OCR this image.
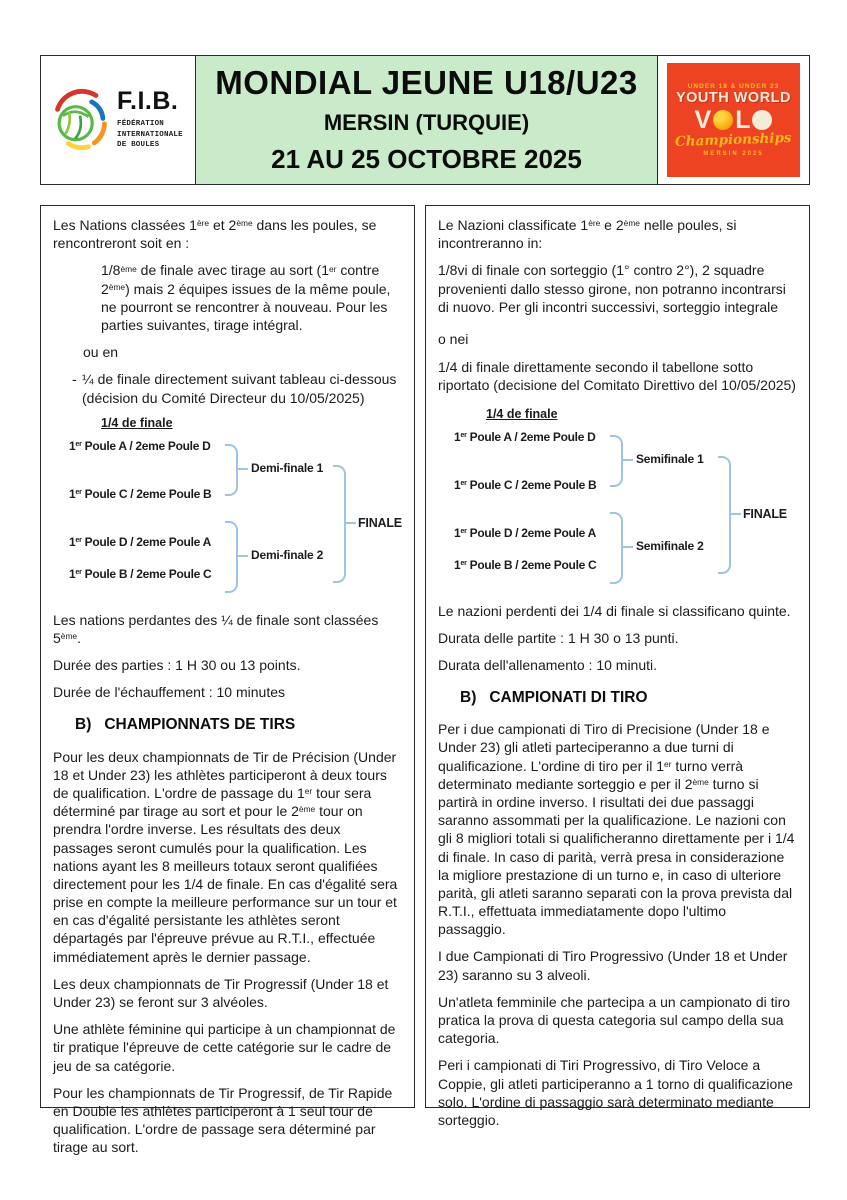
F.I.B.
FÉDÉRATION
INTERNATIONALE
DE BOULES
MONDIAL JEUNE U18/U23
MERSIN (TURQUIE)
21 AU 25 OCTOBRE 2025
UNDER 18 & UNDER 23
YOUTH WORLD
V L
Championships
MERSIN 2025

Les Nations classées 1ère et 2ème dans les poules, se rencontreront soit en :

1/8ème de finale avec tirage au sort (1er contre 2ème) mais 2 équipes issues de la même poule, ne pourront se rencontrer à nouveau. Pour les parties suivantes, tirage intégral.

ou en

- ¼ de finale directement suivant tableau ci-dessous (décision du Comité Directeur du 10/05/2025)
1/4 de finale
1er Poule A / 2eme Poule D
1er Poule C / 2eme Poule B
1er Poule D / 2eme Poule A
1er Poule B / 2eme Poule C
Demi-finale 1
Demi-finale 2
FINALE

Les nations perdantes des ¼ de finale sont classées 5ème.

Durée des parties : 1 H 30 ou 13 points.

Durée de l'échauffement : 10 minutes

B) CHAMPIONNATS DE TIRS

Pour les deux championnats de Tir de Précision (Under 18 et Under 23) les athlètes participeront à deux tours de qualification. L'ordre de passage du 1er tour sera déterminé par tirage au sort et pour le 2ème tour on prendra l'ordre inverse. Les résultats des deux passages seront cumulés pour la qualification. Les nations ayant les 8 meilleurs totaux seront qualifiées directement pour les 1/4 de finale. En cas d'égalité sera prise en compte la meilleure performance sur un tour et en cas d'égalité persistante les athlètes seront départagés par l'épreuve prévue au R.T.I., effectuée immédiatement après le dernier passage.

Les deux championnats de Tir Progressif (Under 18 et Under 23) se feront sur 3 alvéoles.

Une athlète féminine qui participe à un championnat de tir pratique l'épreuve de cette catégorie sur le cadre de jeu de sa catégorie.

Pour les championnats de Tir Progressif, de Tir Rapide en Double les athlètes participeront à 1 seul tour de qualification. L'ordre de passage sera déterminé par tirage au sort.

Le Nazioni classificate 1ère e 2ème nelle poules, si incontreranno in:

1/8vi di finale con sorteggio (1° contro 2°), 2 squadre provenienti dallo stesso girone, non potranno incontrarsi di nuovo. Per gli incontri successivi, sorteggio integrale

o nei

1/4 di finale direttamente secondo il tabellone sotto riportato (decisione del Comitato Direttivo del 10/05/2025)

1/4 de finale
1er Poule A / 2eme Poule D
1er Poule C / 2eme Poule B
1er Poule D / 2eme Poule A
1er Poule B / 2eme Poule C
Semifinale 1
Semifinale 2
FINALE

Le nazioni perdenti dei 1/4 di finale si classificano quinte.

Durata delle partite : 1 H 30 o 13 punti.

Durata dell'allenamento : 10 minuti.

B) CAMPIONATI DI TIRO

Per i due campionati di Tiro di Precisione (Under 18 e Under 23) gli atleti parteciperanno a due turni di qualificazione. L'ordine di tiro per il 1er turno verrà determinato mediante sorteggio e per il 2ème turno si partirà in ordine inverso. I risultati dei due passaggi saranno assommati per la qualificazione. Le nazioni con gli 8 migliori totali si qualificheranno direttamente per i 1/4 di finale. In caso di parità, verrà presa in considerazione la migliore prestazione di un turno e, in caso di ulteriore parità, gli atleti saranno separati con la prova prevista dal R.T.I., effettuata immediatamente dopo l'ultimo passaggio.

I due Campionati di Tiro Progressivo (Under 18 et Under 23) saranno su 3 alveoli.

Un'atleta femminile che partecipa a un campionato di tiro pratica la prova di questa categoria sul campo della sua categoria.

Peri i campionati di Tiri Progressivo, di Tiro Veloce a Coppie, gli atleti participeranno a 1 torno di qualificazione solo. L'ordine di passaggio sarà determinato mediante sorteggio.
